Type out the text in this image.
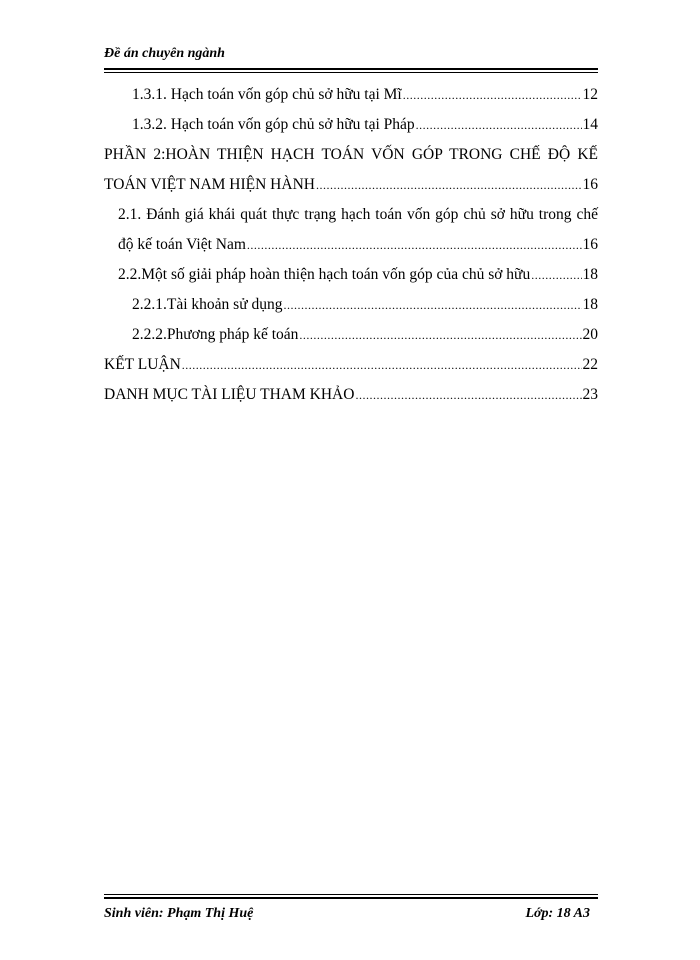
Đề án chuyên ngành
1.3.1. Hạch toán vốn góp chủ sở hữu tại Mĩ .....	12
1.3.2. Hạch toán vốn góp chủ sở hữu tại Pháp .....	14
PHẦN 2:HOÀN THIỆN HẠCH TOÁN VỐN GÓP TRONG CHẾ ĐỘ KẾ
TOÁN VIỆT NAM HIỆN HÀNH .....	16
2.1. Đánh giá khái quát thực trạng hạch toán vốn góp chủ sở hữu trong chế
độ kế toán Việt Nam .....	16
2.2.Một số giải pháp hoàn thiện hạch toán vốn góp của chủ sở hữu .....	18
2.2.1.Tài khoản sử dụng .....	18
2.2.2.Phương pháp kế toán .....	20
KẾT LUẬN .....	22
DANH MỤC TÀI LIỆU THAM KHẢO .....	23
Sinh viên: Phạm Thị Huệ	Lớp: 18 A3
